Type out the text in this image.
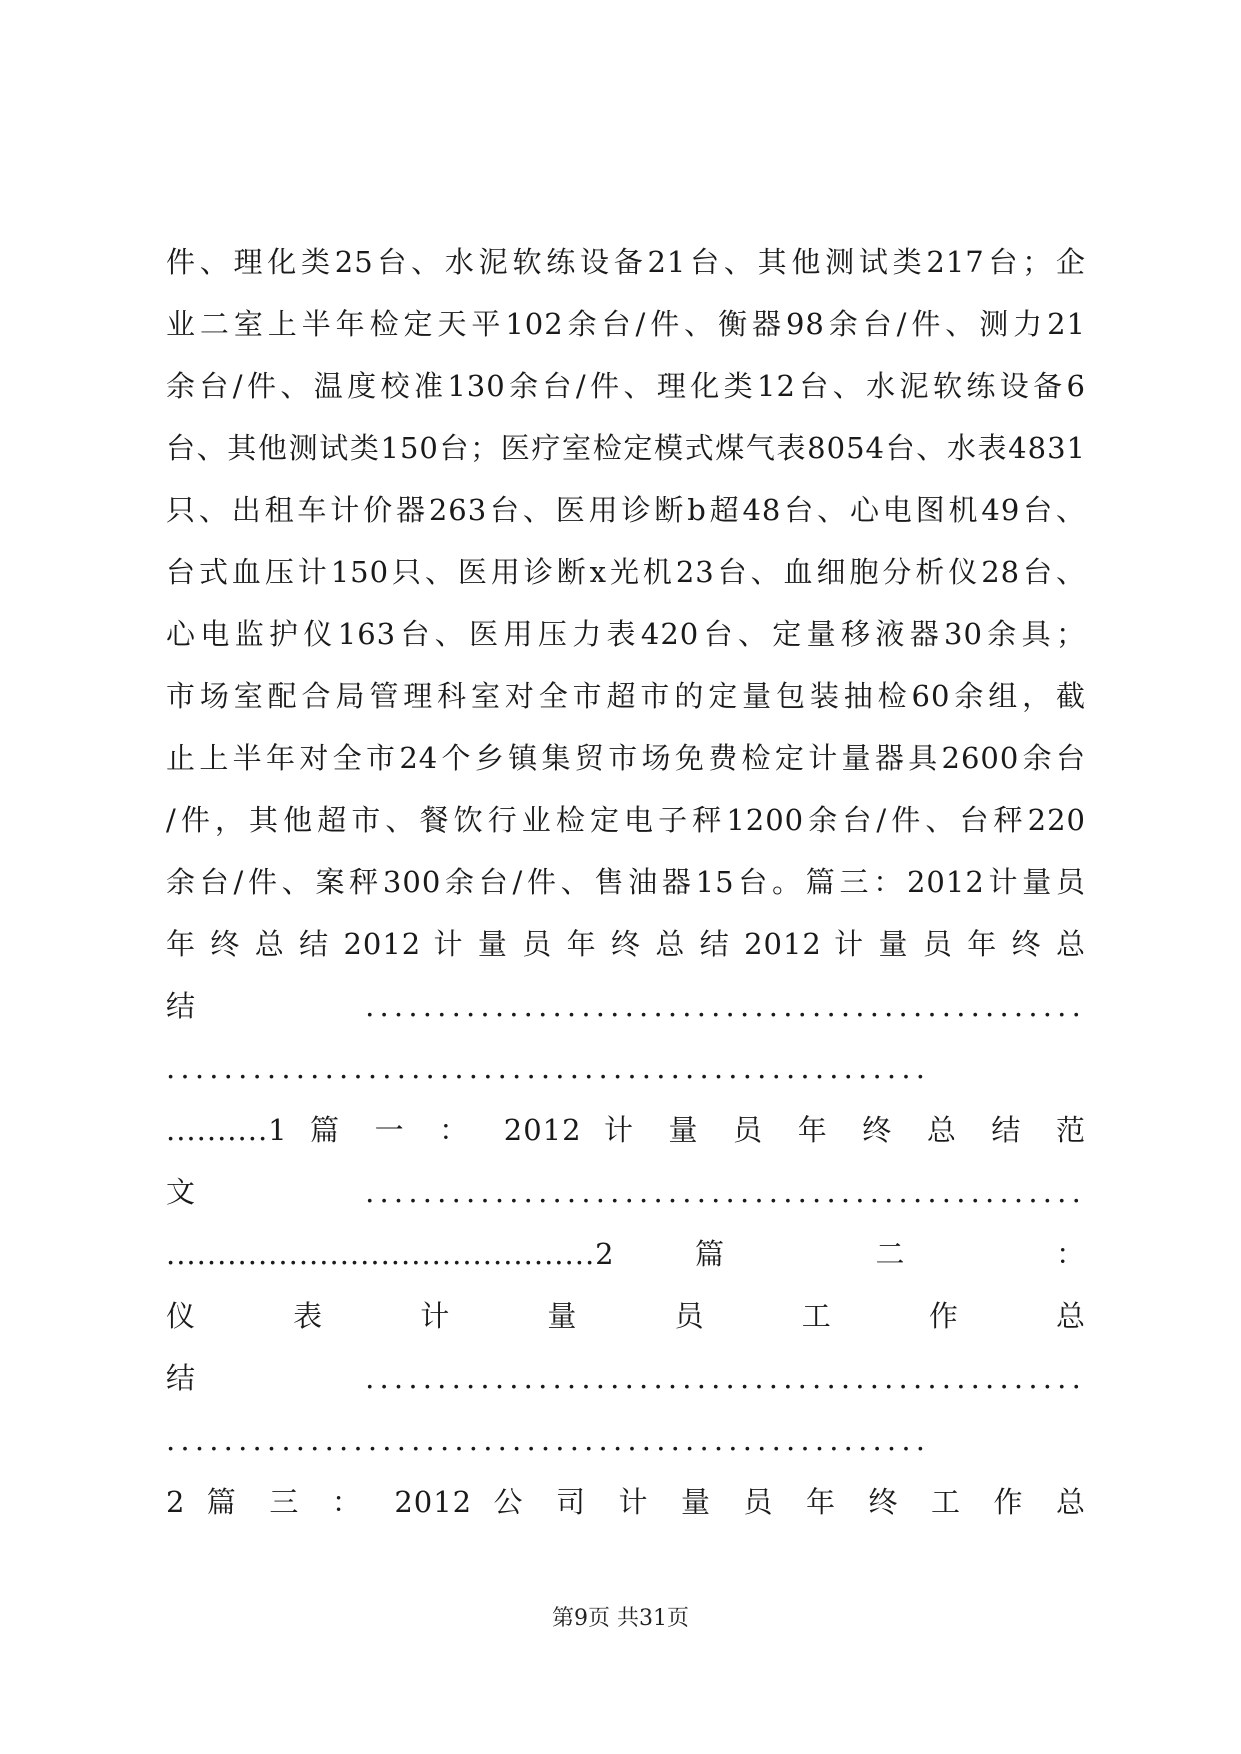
件、理化类25台、水泥软练设备21台、其他测试类217台；企
业二室上半年检定天平102余台/件、衡器98余台/件、测力21
余台/件、温度校准130余台/件、理化类12台、水泥软练设备6
台、其他测试类150台；医疗室检定模式煤气表8054台、水表4831
只、出租车计价器263台、医用诊断b超48台、心电图机49台、
台式血压计150只、医用诊断x光机23台、血细胞分析仪28台、
心电监护仪163台、医用压力表420台、定量移液器30余具；
市场室配合局管理科室对全市超市的定量包装抽检60余组，截
止上半年对全市24个乡镇集贸市场免费检定计量器具2600余台
/件，其他超市、餐饮行业检定电子秤1200余台/件、台秤220
余台/件、案秤300余台/件、售油器15台。篇三：2012计量员
年 终 总 结 2012 计 量 员 年 终 总 结 2012 计 量 员 年 终 总
结..................................................
.....................................................
..........1 篇 一 ： 2012 计 量 员 年 终 总 结 范
文..................................................
..........................................2 篇 二 ：
仪 表 计 量 员 工 作 总
结..................................................
.....................................................
2 篇 三 ： 2012 公 司 计 量 员 年 终 工 作 总
第9页 共31页
